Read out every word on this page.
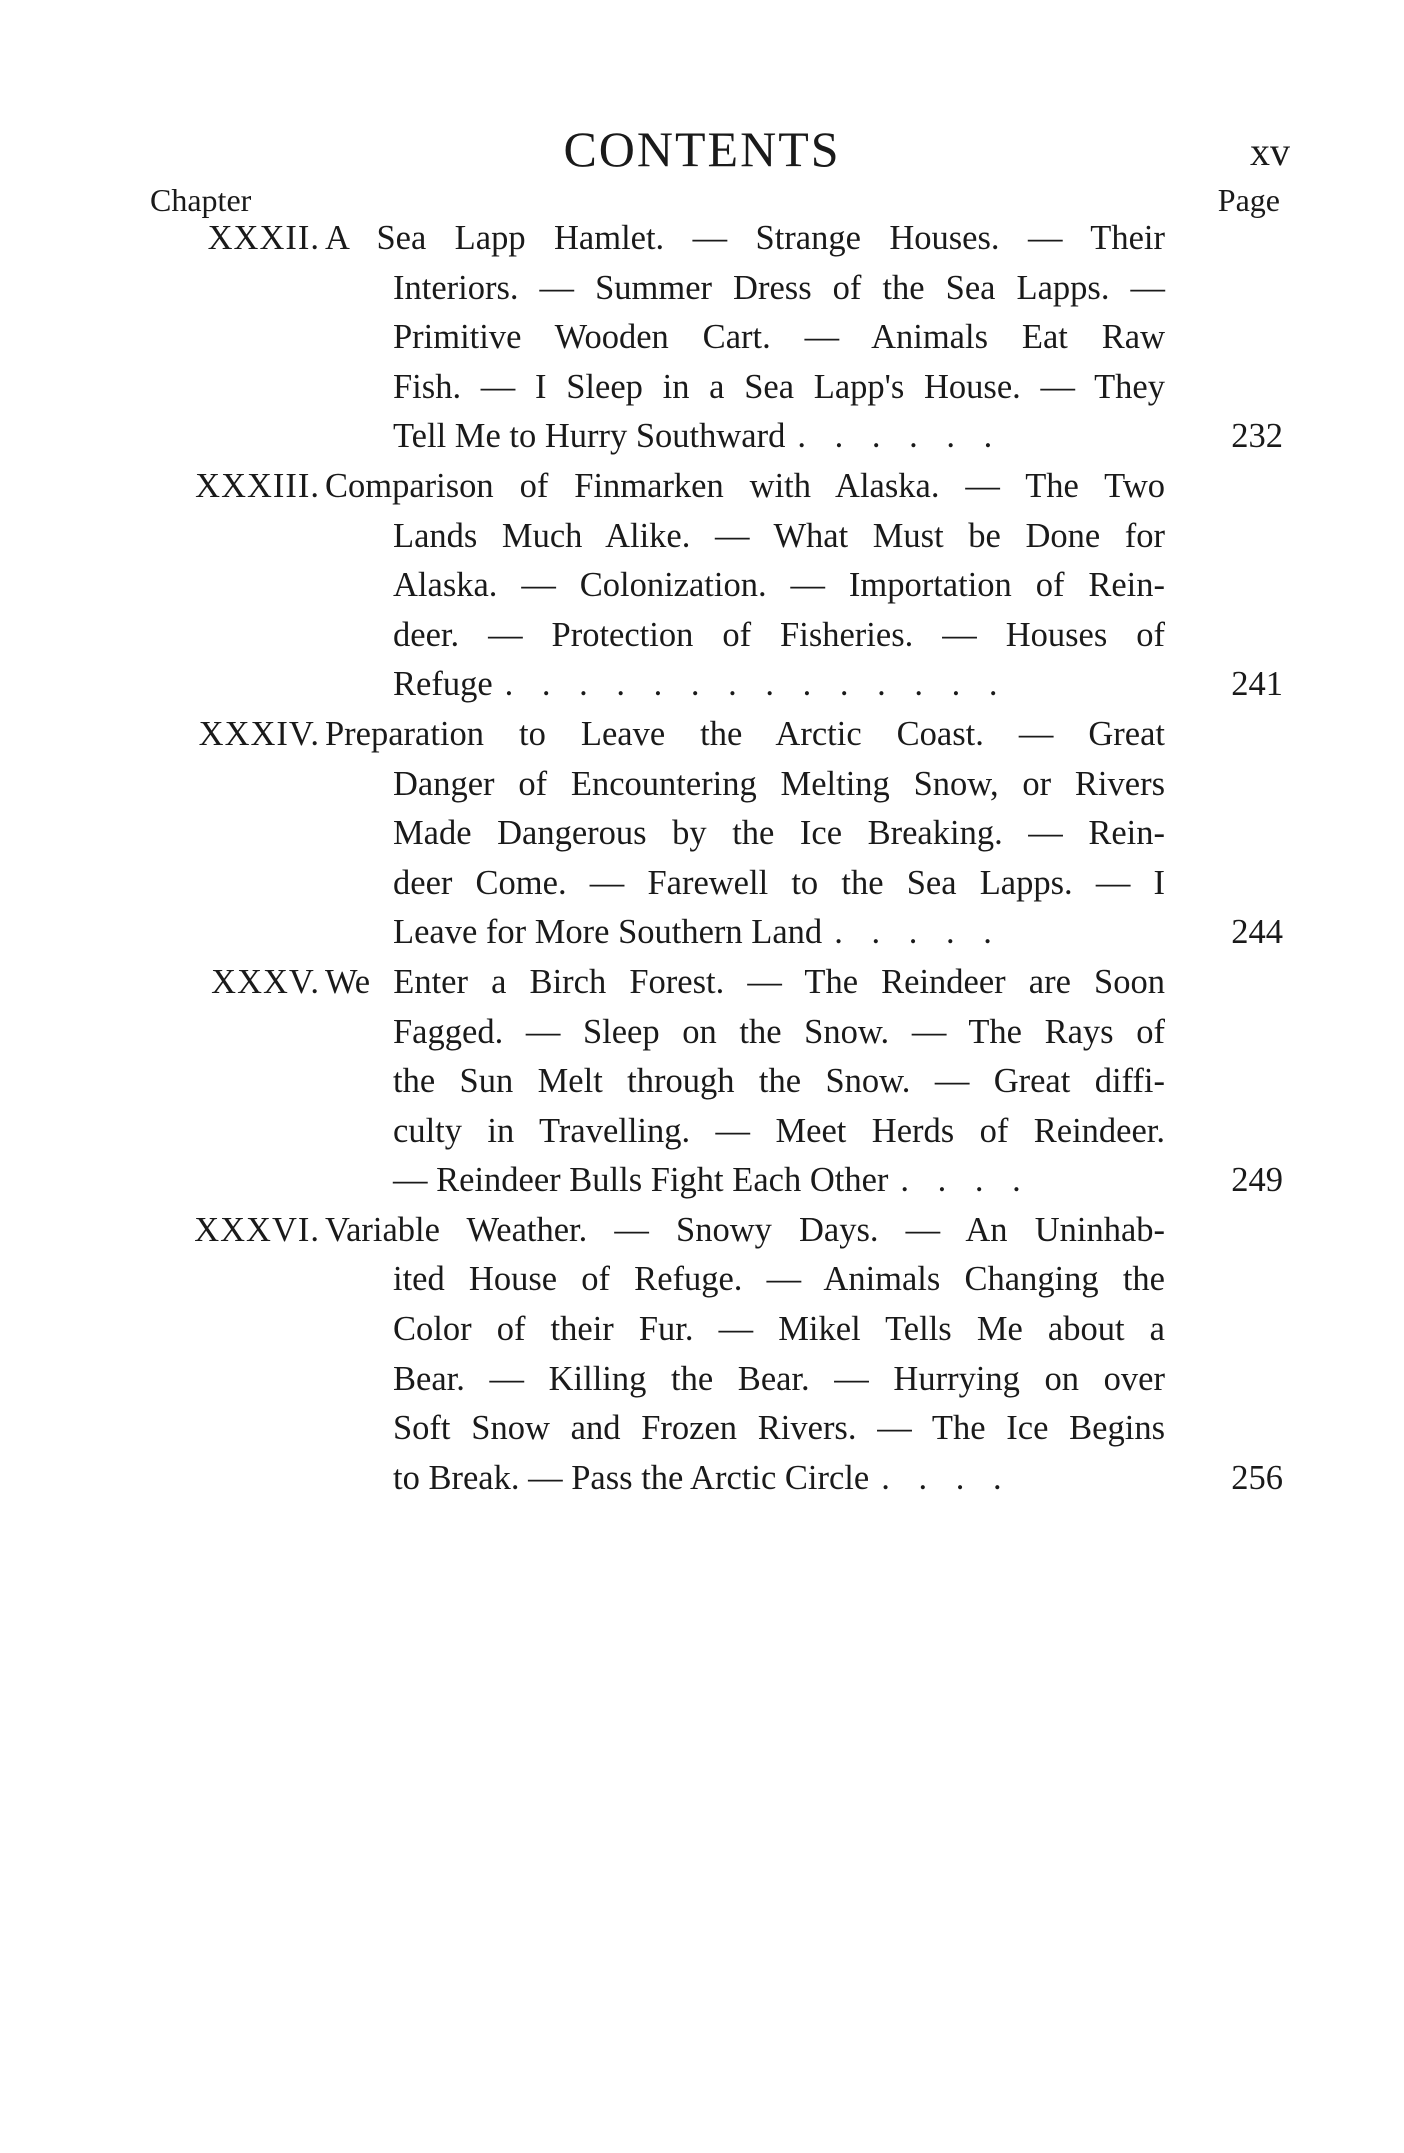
CONTENTS	xv
Chapter	Page
XXXII. A Sea Lapp Hamlet. — Strange Houses. — Their
Interiors. — Summer Dress of the Sea Lapps. —
Primitive Wooden Cart. — Animals Eat Raw
Fish. — I Sleep in a Sea Lapp's House. — They
Tell Me to Hurry Southward . . . . . .	232
XXXIII. Comparison of Finmarken with Alaska. — The Two
Lands Much Alike. — What Must be Done for
Alaska. — Colonization. — Importation of Rein-
deer. — Protection of Fisheries. — Houses of
Refuge . . . . . . . . . . . . . .	241
XXXIV. Preparation to Leave the Arctic Coast. — Great
Danger of Encountering Melting Snow, or Rivers
Made Dangerous by the Ice Breaking. — Rein-
deer Come. — Farewell to the Sea Lapps. — I
Leave for More Southern Land . . . . .	244
XXXV. We Enter a Birch Forest. — The Reindeer are Soon
Fagged. — Sleep on the Snow. — The Rays of
the Sun Melt through the Snow. — Great diffi-
culty in Travelling. — Meet Herds of Reindeer.
— Reindeer Bulls Fight Each Other . . . .	249
XXXVI. Variable Weather. — Snowy Days. — An Uninhab-
ited House of Refuge. — Animals Changing the
Color of their Fur. — Mikel Tells Me about a
Bear. — Killing the Bear. — Hurrying on over
Soft Snow and Frozen Rivers. — The Ice Begins
to Break. — Pass the Arctic Circle . . . .	256
